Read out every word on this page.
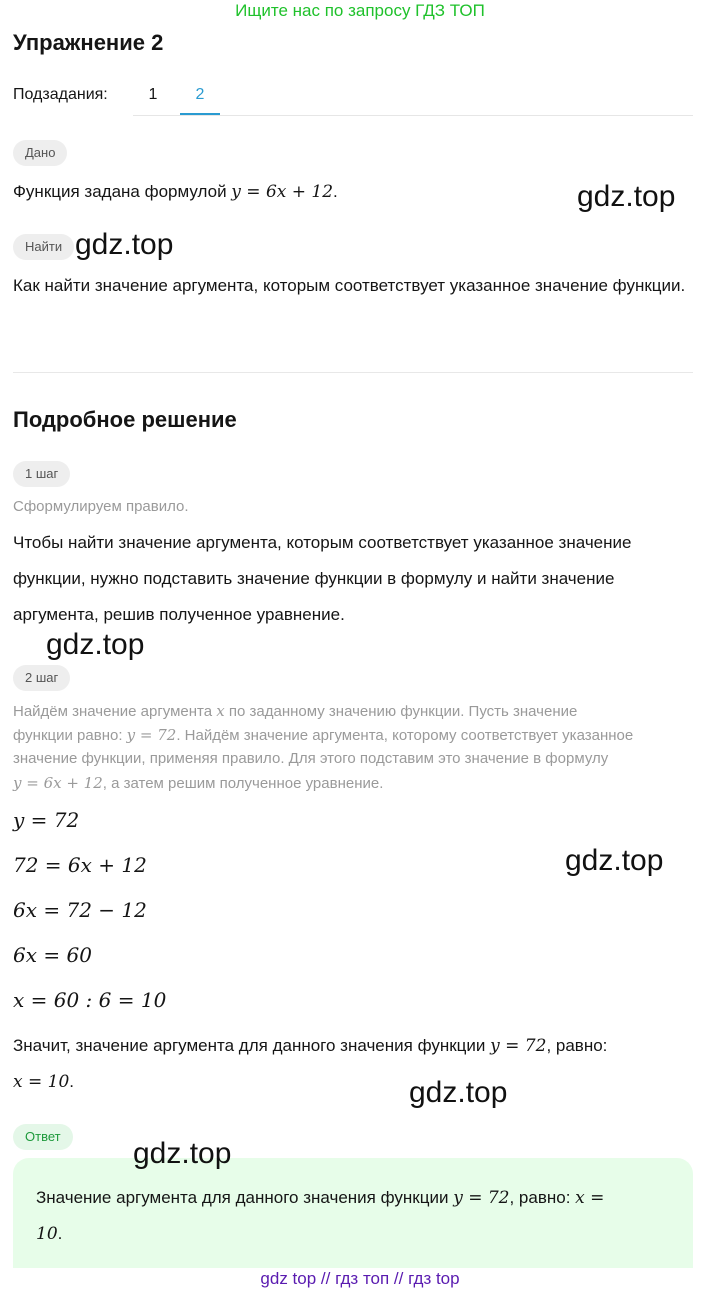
Ищите нас по запросу ГДЗ ТОП
Упражнение 2
Подзадания:	1	2
Дано
Функция задана формулой y = 6x + 12.
Найти
Как найти значение аргумента, которым соответствует указанное значение функции.
Подробное решение
1 шаг
Сформулируем правило.
Чтобы найти значение аргумента, которым соответствует указанное значение
функции, нужно подставить значение функции в формулу и найти значение
аргумента, решив полученное уравнение.
2 шаг
Найдём значение аргумента x по заданному значению функции. Пусть значение
функции равно: y = 72. Найдём значение аргумента, которому соответствует указанное
значение функции, применяя правило. Для этого подставим это значение в формулу
y = 6x + 12, а затем решим полученное уравнение.
y = 72
72 = 6x + 12
6x = 72 − 12
6x = 60
x = 60 : 6 = 10
Значит, значение аргумента для данного значения функции y = 72, равно:
x = 10.
Ответ
Значение аргумента для данного значения функции y = 72, равно: x =
10.
gdz.top
gdz.top
gdz.top
gdz.top
gdz.top
gdz.top
gdz top // гдз топ // гдз top
